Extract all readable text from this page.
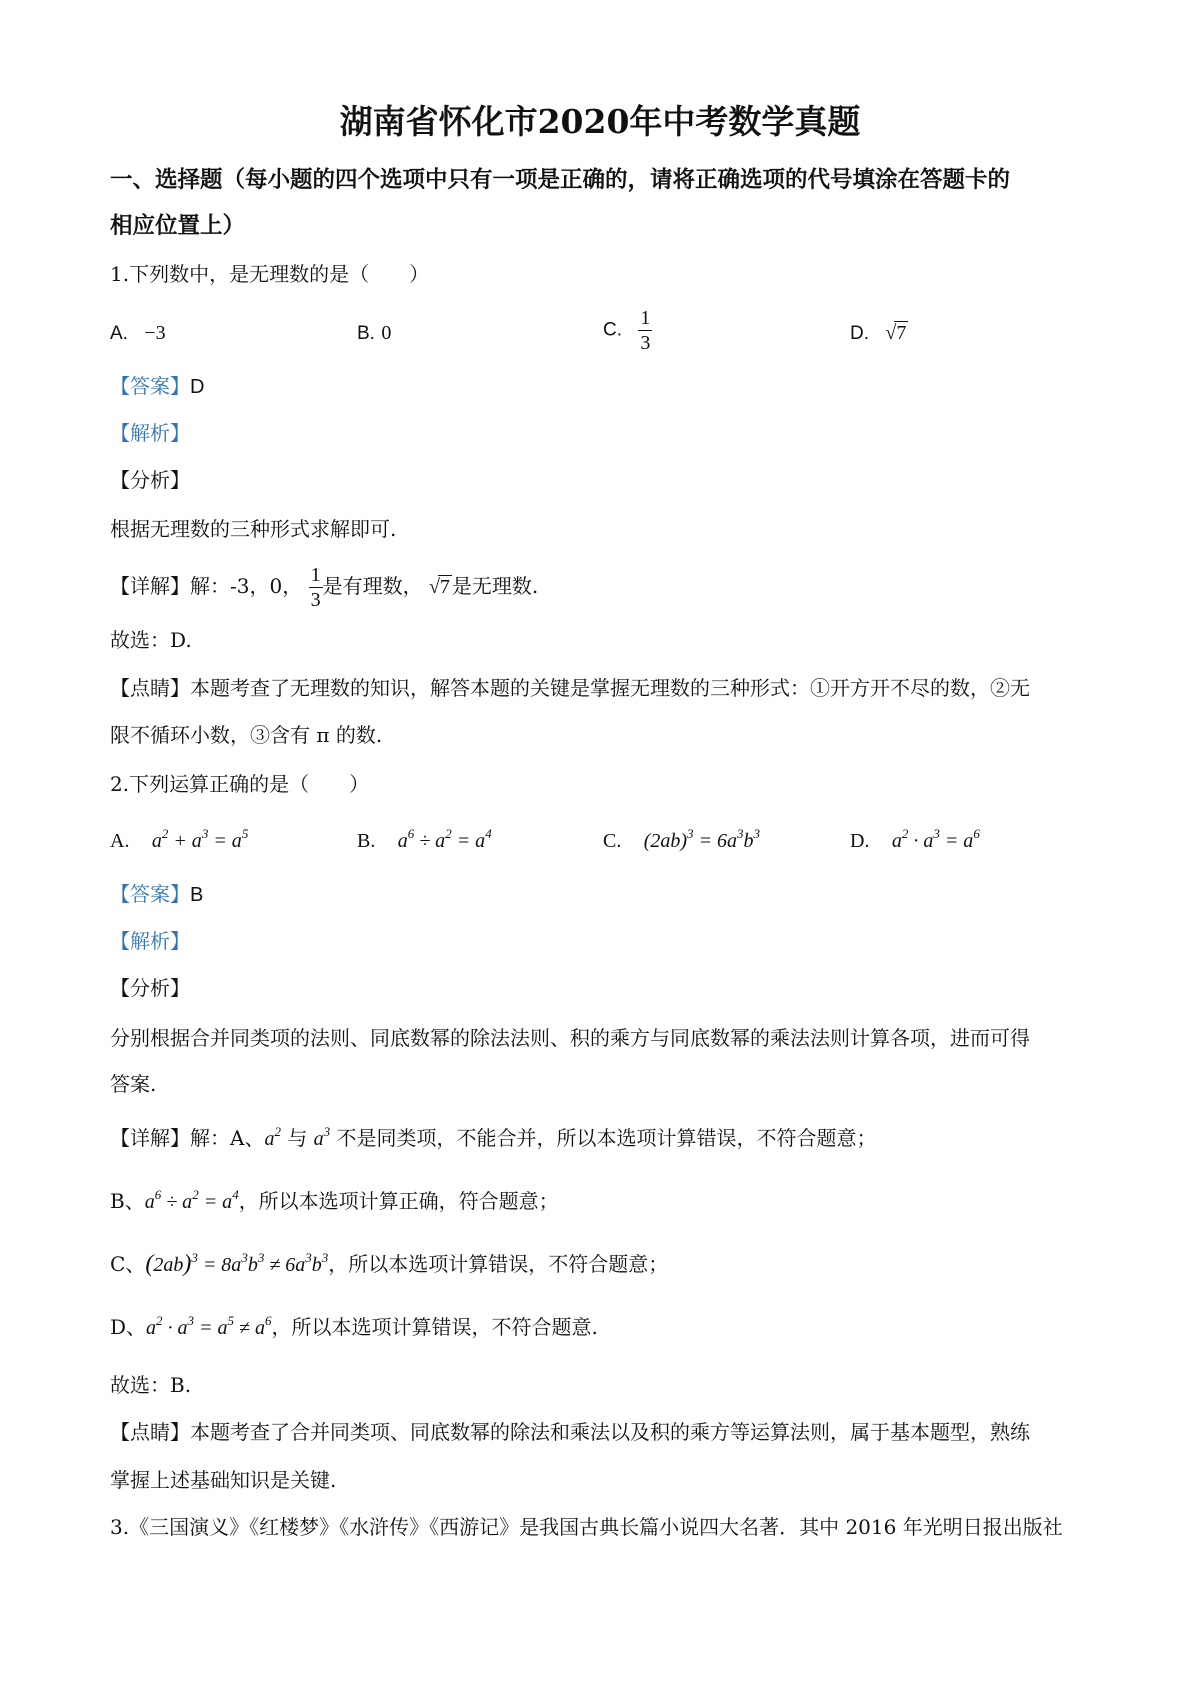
湖南省怀化市2020年中考数学真题
一、选择题（每小题的四个选项中只有一项是正确的，请将正确选项的代号填涂在答题卡的
相应位置上）
1.下列数中，是无理数的是（　　）
A. −3	B. 0	C. $\frac{1}{3}$	D. √7
【答案】D
【解析】
【分析】
根据无理数的三种形式求解即可.
【详解】解：-3，0， $\frac{1}{3}$ 是有理数， √7 是无理数.
故选：D.
【点睛】本题考查了无理数的知识，解答本题的关键是掌握无理数的三种形式：①开方开不尽的数，②无
限不循环小数，③含有 π 的数.
2.下列运算正确的是（　　）
A. $a^2 + a^3 = a^5$	B. $a^6 \div a^2 = a^4$	C. $(2ab)^3 = 6a^3b^3$	D. $a^2 \cdot a^3 = a^6$
【答案】B
【解析】
【分析】
分别根据合并同类项的法则、同底数幂的除法法则、积的乘方与同底数幂的乘法法则计算各项，进而可得
答案.
【详解】解：A、$a^2$ 与 $a^3$ 不是同类项，不能合并，所以本选项计算错误，不符合题意；
B、$a^6 \div a^2 = a^4$，所以本选项计算正确，符合题意；
C、$(2ab)^3 = 8a^3b^3 \ne 6a^3b^3$，所以本选项计算错误，不符合题意；
D、$a^2 \cdot a^3 = a^5 \ne a^6$，所以本选项计算错误，不符合题意.
故选：B.
【点睛】本题考查了合并同类项、同底数幂的除法和乘法以及积的乘方等运算法则，属于基本题型，熟练
掌握上述基础知识是关键.
3.《三国演义》《红楼梦》《水浒传》《西游记》是我国古典长篇小说四大名著．其中 2016 年光明日报出版社
